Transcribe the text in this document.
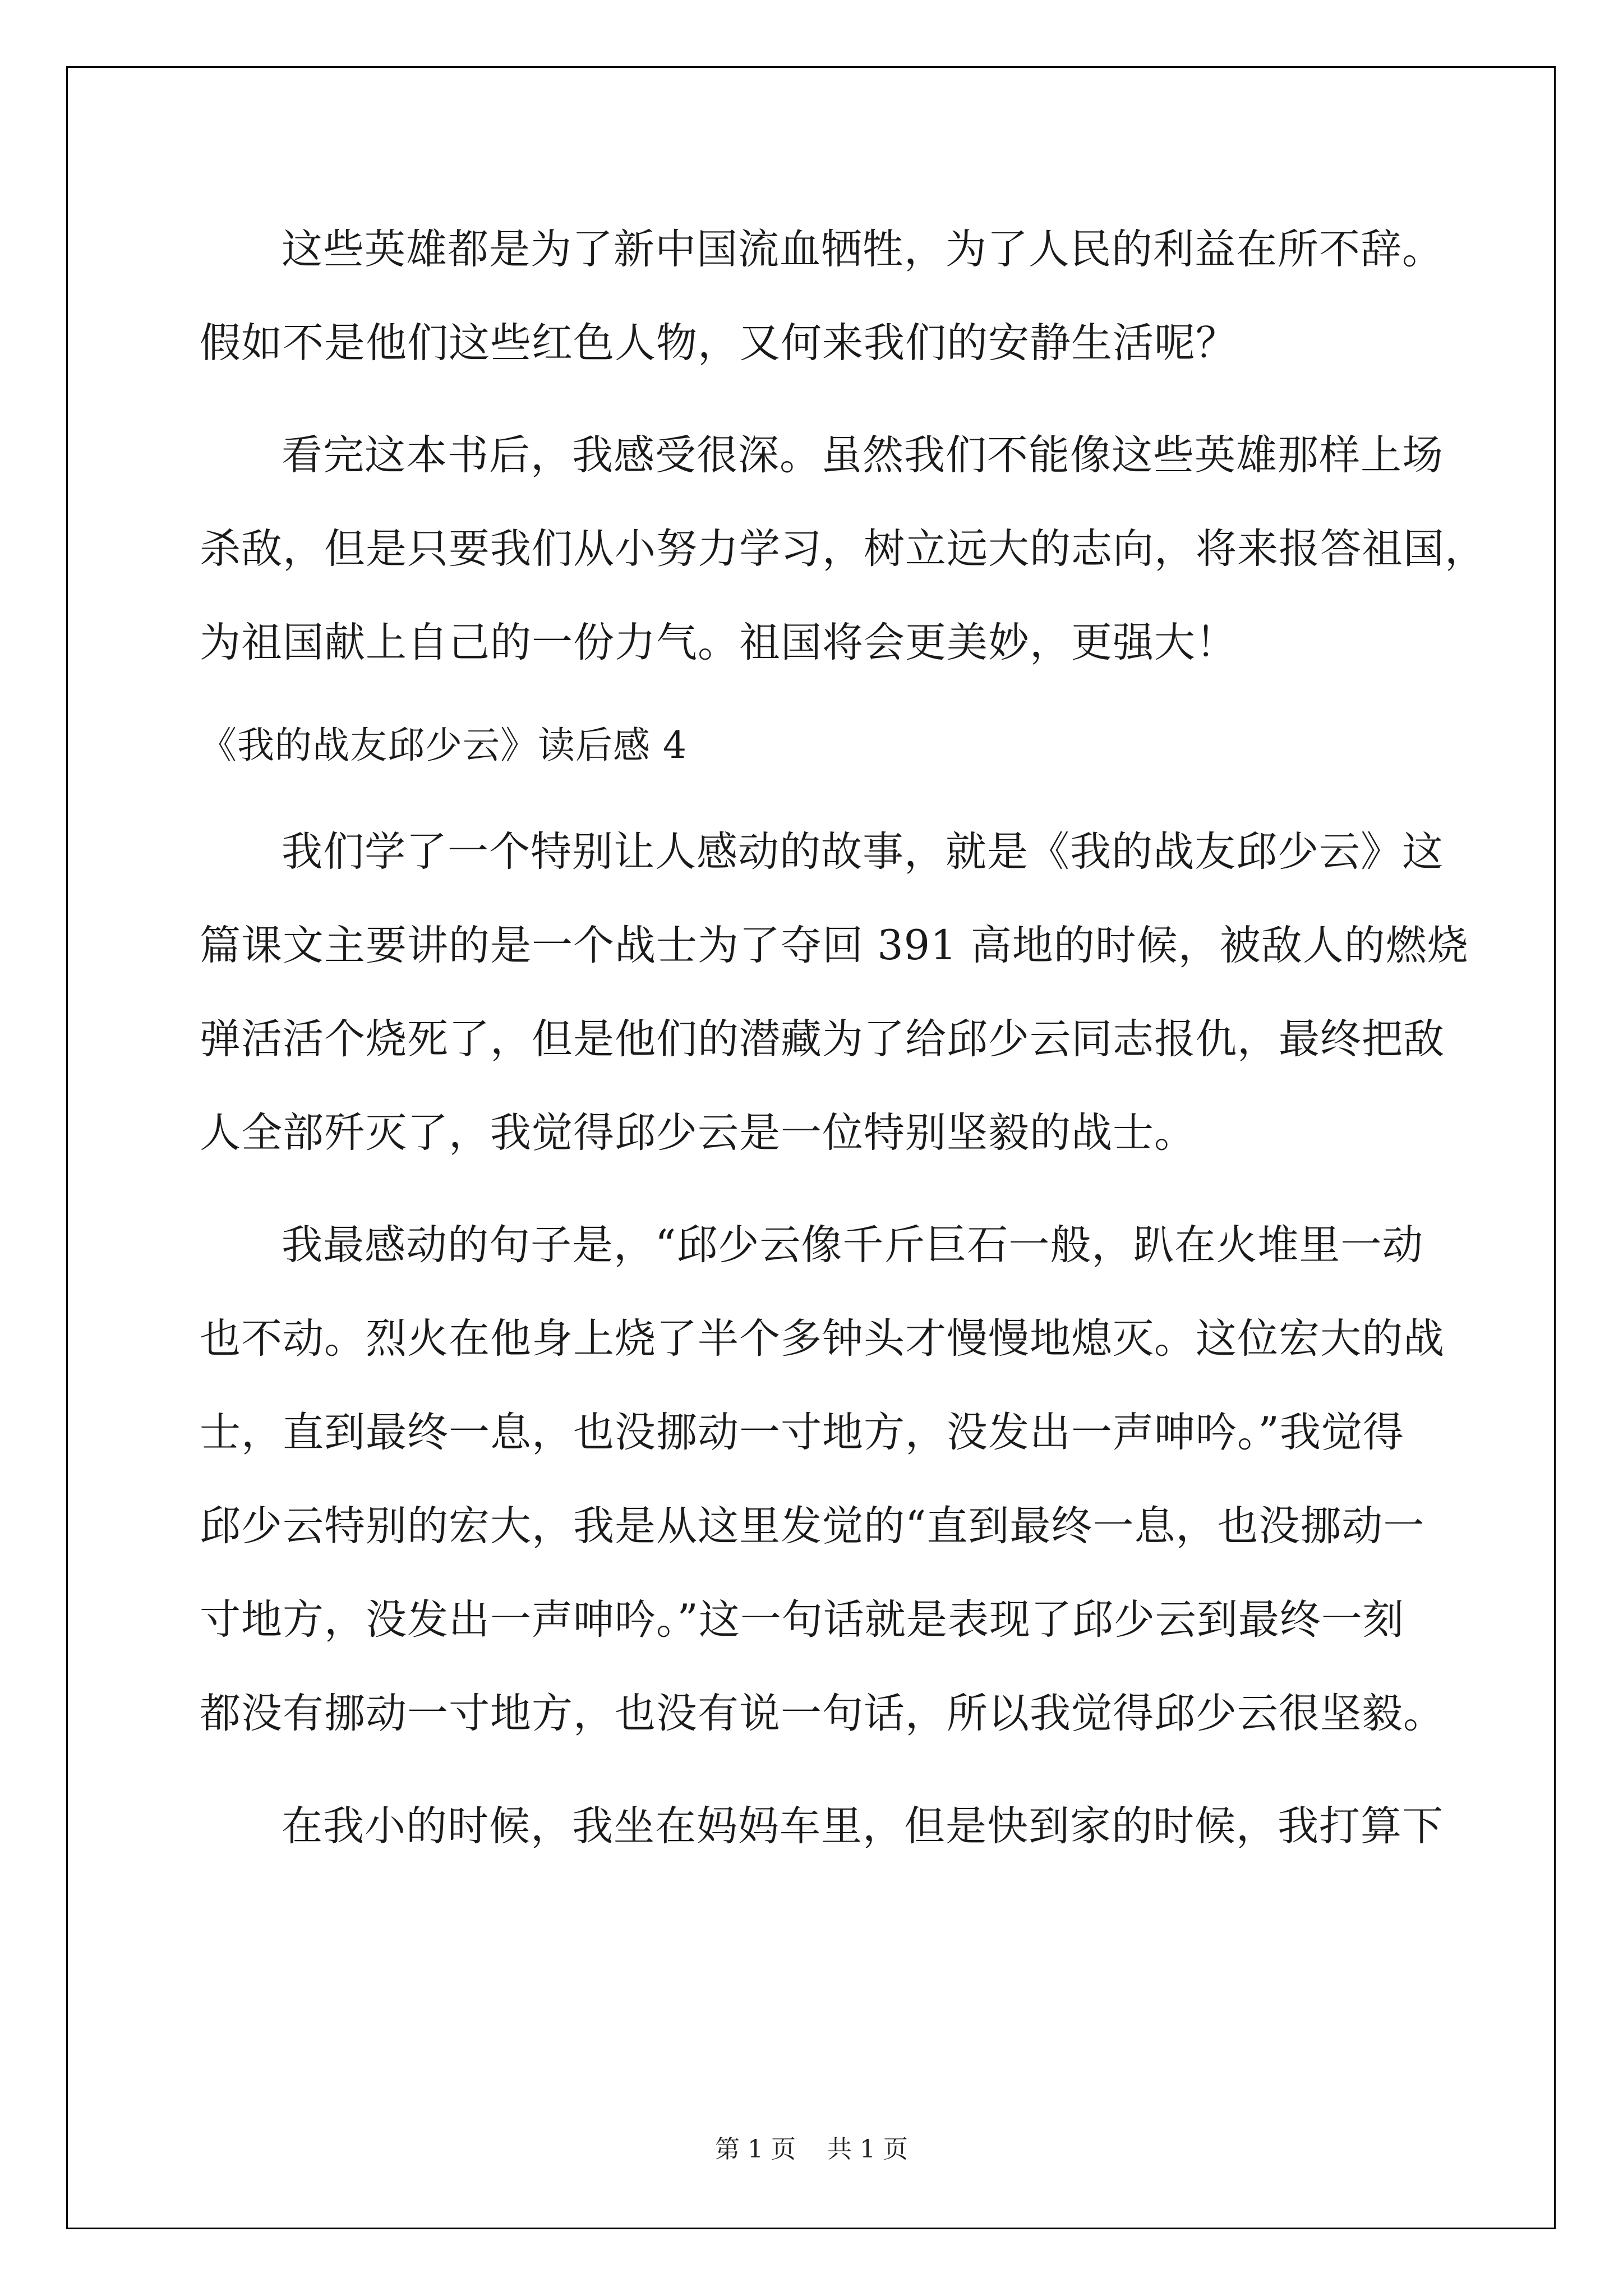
这些英雄都是为了新中国流血牺牲，为了人民的利益在所不辞。
假如不是他们这些红色人物，又何来我们的安静生活呢？
看完这本书后，我感受很深。虽然我们不能像这些英雄那样上场
杀敌，但是只要我们从小努力学习，树立远大的志向，将来报答祖国，
为祖国献上自己的一份力气。祖国将会更美妙，更强大！
《我的战友邱少云》读后感 4
我们学了一个特别让人感动的故事，就是《我的战友邱少云》这
篇课文主要讲的是一个战士为了夺回 391 高地的时候，被敌人的燃烧
弹活活个烧死了，但是他们的潜藏为了给邱少云同志报仇，最终把敌
人全部歼灭了，我觉得邱少云是一位特别坚毅的战士。
我最感动的句子是，“邱少云像千斤巨石一般，趴在火堆里一动
也不动。烈火在他身上烧了半个多钟头才慢慢地熄灭。这位宏大的战
士，直到最终一息，也没挪动一寸地方，没发出一声呻吟。”我觉得
邱少云特别的宏大，我是从这里发觉的“直到最终一息，也没挪动一
寸地方，没发出一声呻吟。”这一句话就是表现了邱少云到最终一刻
都没有挪动一寸地方，也没有说一句话，所以我觉得邱少云很坚毅。
在我小的时候，我坐在妈妈车里，但是快到家的时候，我打算下
第 1 页    共 1 页
